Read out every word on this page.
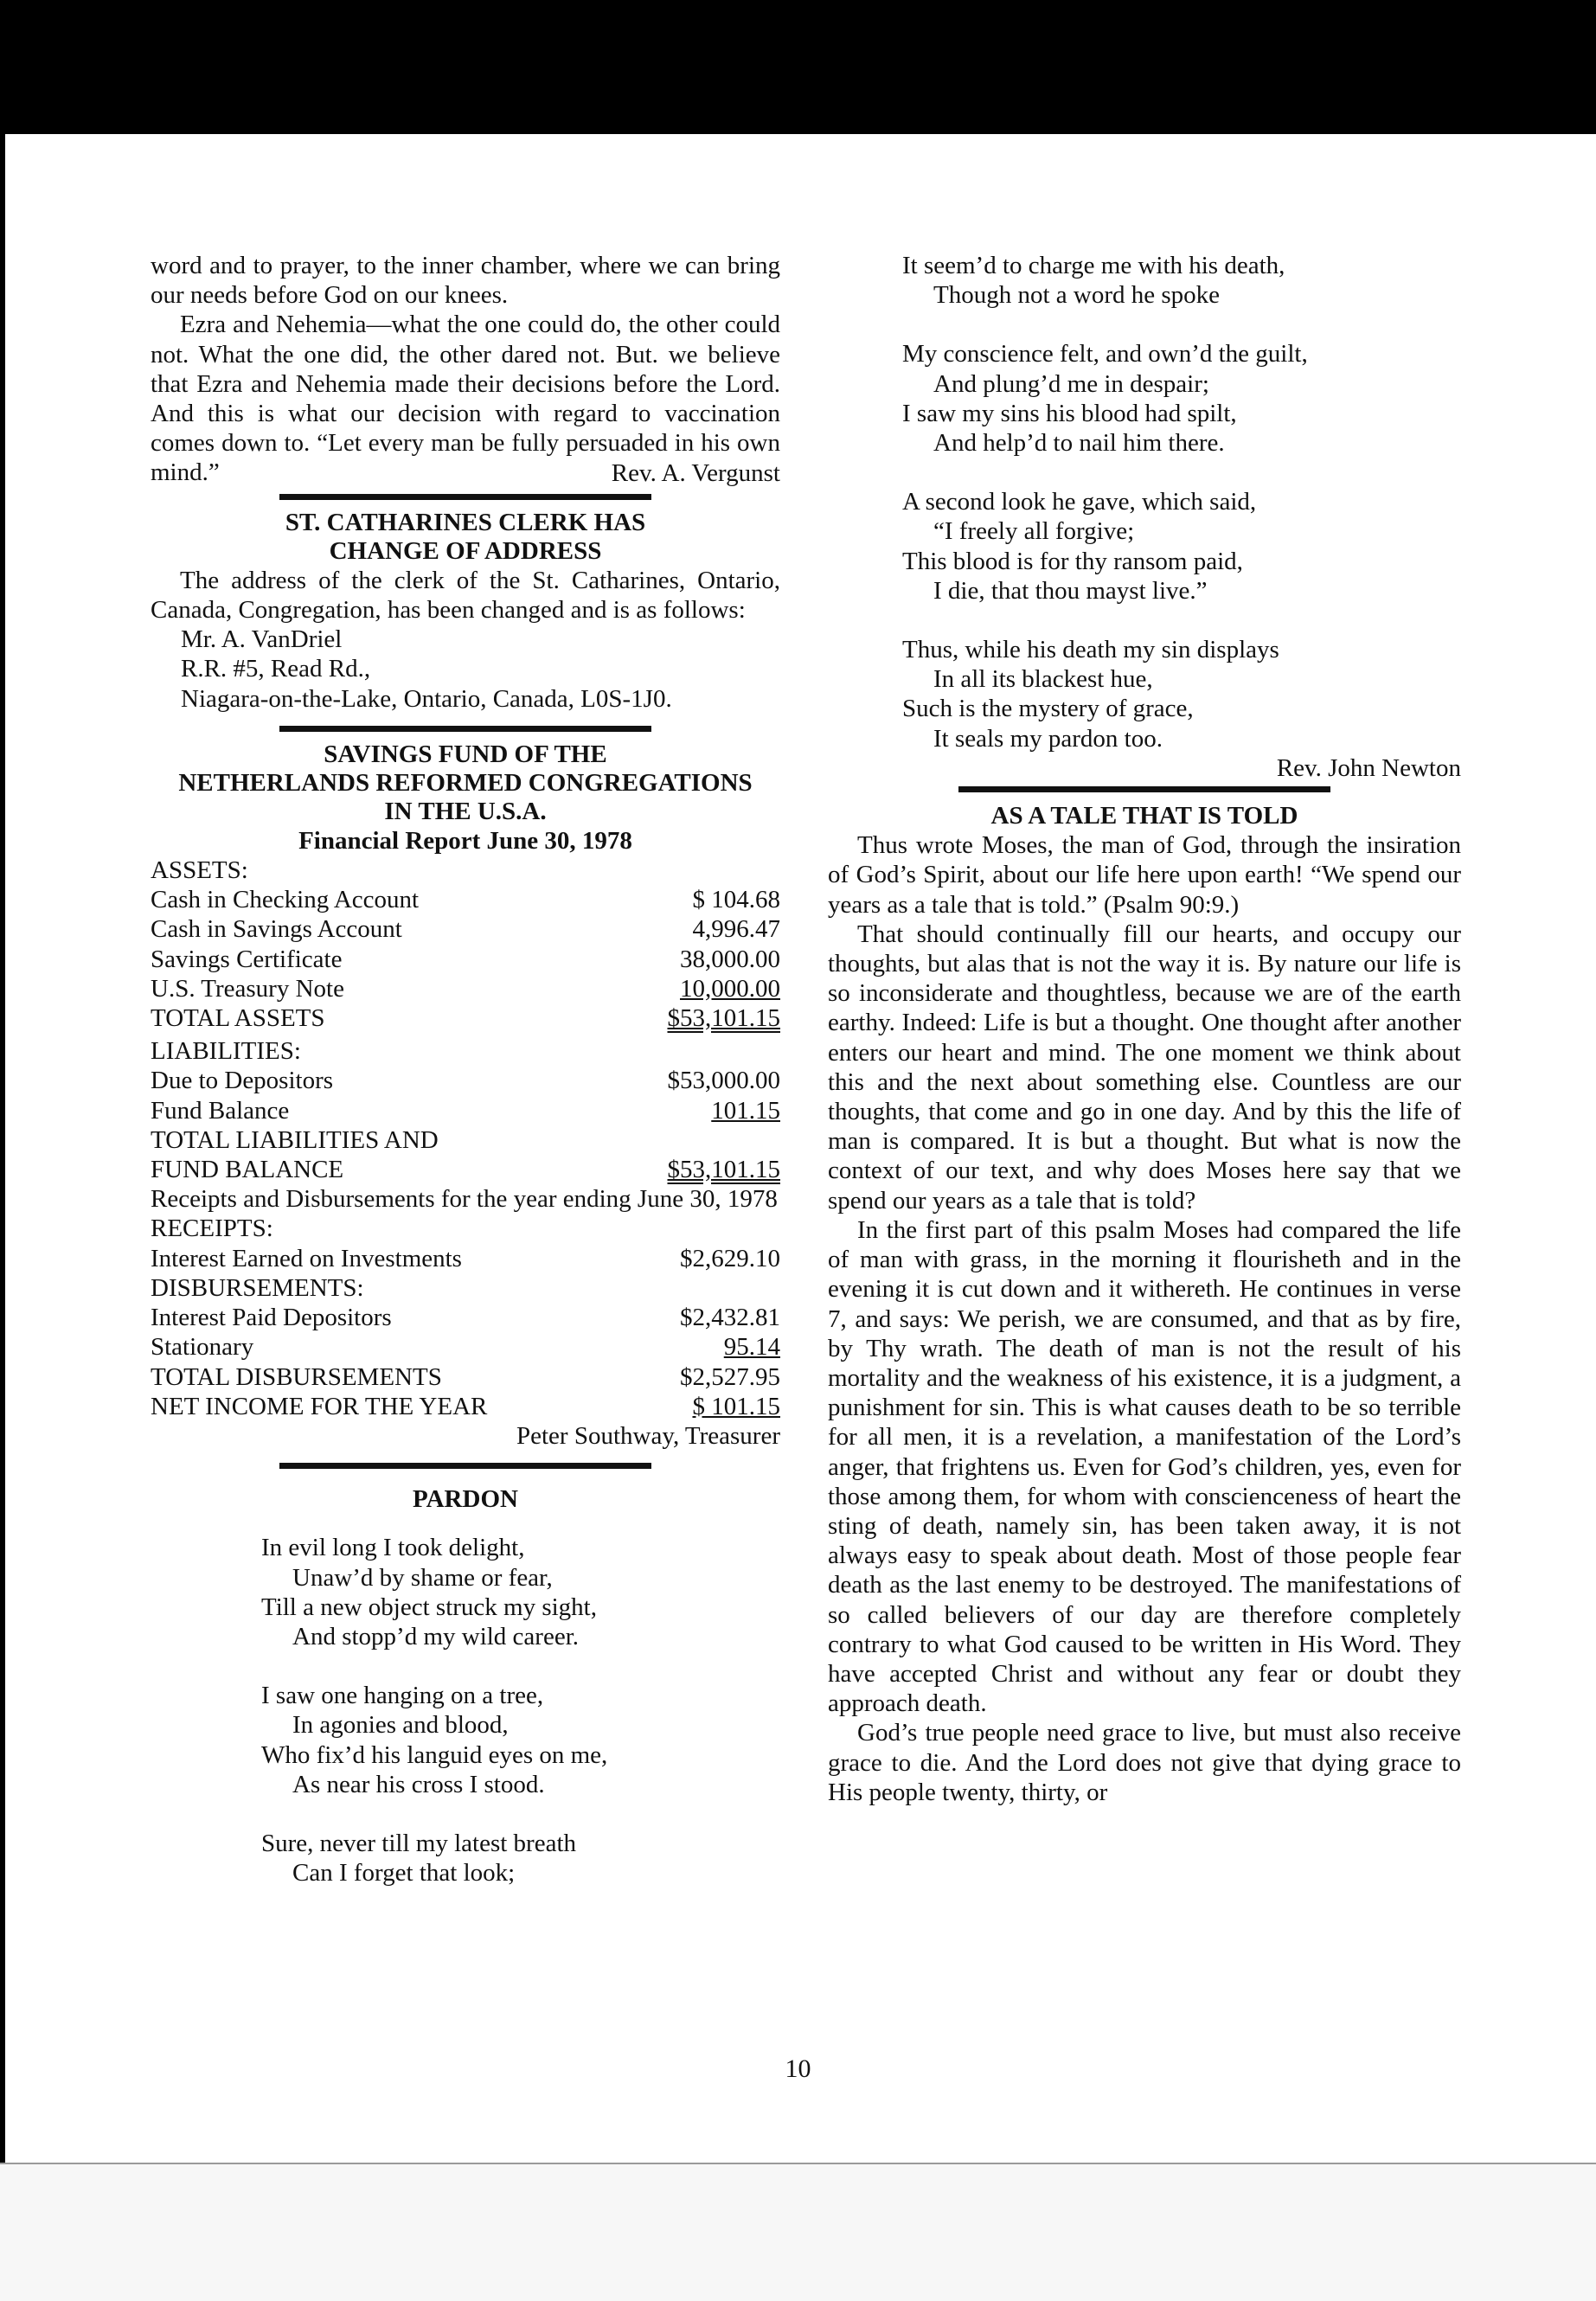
word and to prayer, to the inner chamber, where we can bring our needs before God on our knees.

Ezra and Nehemia—what the one could do, the other could not. What the one did, the other dared not. But. we believe that Ezra and Nehemia made their decisions before the Lord. And this is what our decision with regard to vaccination comes down to. “Let every man be fully persuaded in his own mind.”	Rev. A. Vergunst
ST. CATHARINES CLERK HAS
CHANGE OF ADDRESS

The address of the clerk of the St. Catharines, Ontario, Canada, Congregation, has been changed and is as follows:

Mr. A. VanDriel
R.R. #5, Read Rd.,
Niagara-on-the-Lake, Ontario, Canada, L0S-1J0.
SAVINGS FUND OF THE
NETHERLANDS REFORMED CONGREGATIONS
IN THE U.S.A.
Financial Report June 30, 1978
ASSETS:
Cash in Checking Account	$ 104.68
Cash in Savings Account	4,996.47
Savings Certificate	38,000.00
U.S. Treasury Note	10,000.00
TOTAL ASSETS	$53,101.15
LIABILITIES:
Due to Depositors	$53,000.00
Fund Balance	101.15
TOTAL LIABILITIES AND
FUND BALANCE	$53,101.15

Receipts and Disbursements for the year ending June 30, 1978

RECEIPTS:
Interest Earned on Investments	$2,629.10
DISBURSEMENTS:
Interest Paid Depositors	$2,432.81
Stationary	95.14
TOTAL DISBURSEMENTS	$2,527.95
NET INCOME FOR THE YEAR	$ 101.15
Peter Southway, Treasurer
PARDON
In evil long I took delight,
Unaw’d by shame or fear,
Till a new object struck my sight,
And stopp’d my wild career.
I saw one hanging on a tree,
In agonies and blood,
Who fix’d his languid eyes on me,
As near his cross I stood.
Sure, never till my latest breath
Can I forget that look;
It seem’d to charge me with his death,
Though not a word he spoke
My conscience felt, and own’d the guilt,
And plung’d me in despair;
I saw my sins his blood had spilt,
And help’d to nail him there.
A second look he gave, which said,
“I freely all forgive;
This blood is for thy ransom paid,
I die, that thou mayst live.”
Thus, while his death my sin displays
In all its blackest hue,
Such is the mystery of grace,
It seals my pardon too.
Rev. John Newton
AS A TALE THAT IS TOLD

Thus wrote Moses, the man of God, through the insiration of God’s Spirit, about our life here upon earth! “We spend our years as a tale that is told.” (Psalm 90:9.)

That should continually fill our hearts, and occupy our thoughts, but alas that is not the way it is. By nature our life is so inconsiderate and thoughtless, because we are of the earth earthy. Indeed: Life is but a thought. One thought after another enters our heart and mind. The one moment we think about this and the next about something else. Countless are our thoughts, that come and go in one day. And by this the life of man is compared. It is but a thought. But what is now the context of our text, and why does Moses here say that we spend our years as a tale that is told?

In the first part of this psalm Moses had compared the life of man with grass, in the morning it flourisheth and in the evening it is cut down and it withereth. He continues in verse 7, and says: We perish, we are consumed, and that as by fire, by Thy wrath. The death of man is not the result of his mortality and the weakness of his existence, it is a judgment, a punishment for sin. This is what causes death to be so terrible for all men, it is a revelation, a manifestation of the Lord’s anger, that frightens us. Even for God’s children, yes, even for those among them, for whom with conscienceness of heart the sting of death, namely sin, has been taken away, it is not always easy to speak about death. Most of those people fear death as the last enemy to be destroyed. The manifestations of so called believers of our day are therefore completely contrary to what God caused to be written in His Word. They have accepted Christ and without any fear or doubt they approach death.

God’s true people need grace to live, but must also receive grace to die. And the Lord does not give that dying grace to His people twenty, thirty, or

10
